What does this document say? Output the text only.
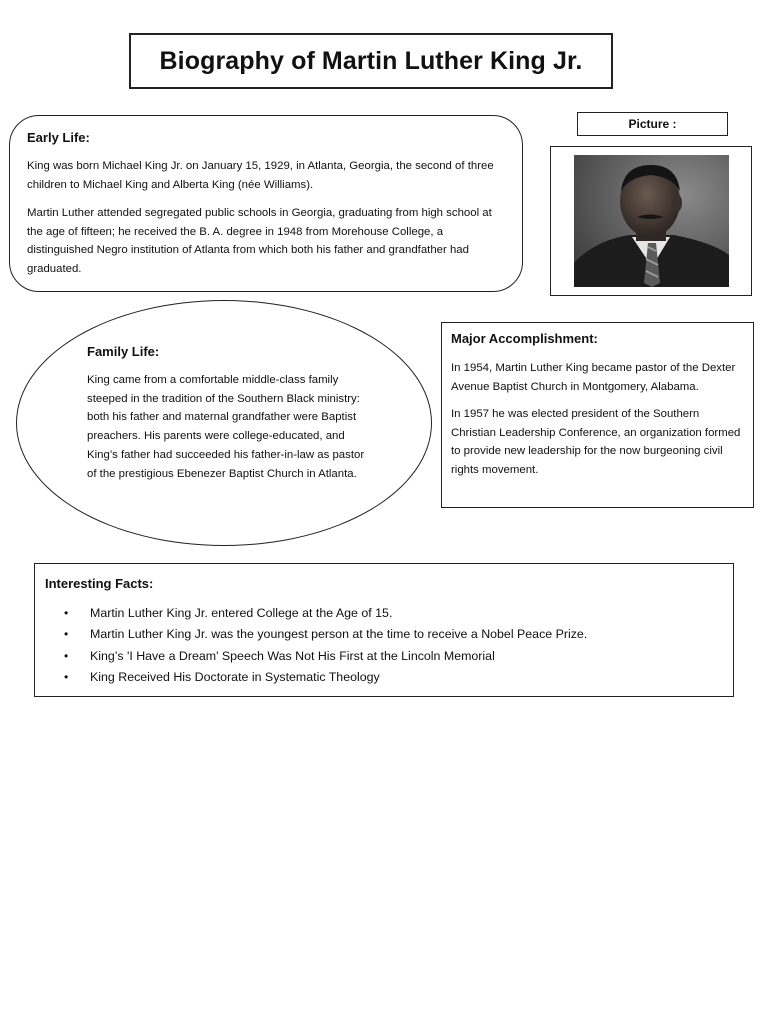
Biography of Martin Luther King Jr.
Early Life:

King was born Michael King Jr. on January 15, 1929, in Atlanta, Georgia, the second of three children to Michael King and Alberta King (née Williams).

Martin Luther attended segregated public schools in Georgia, graduating from high school at the age of fifteen; he received the B. A. degree in 1948 from Morehouse College, a distinguished Negro institution of Atlanta from which both his father and grandfather had graduated.

Picture :
Family Life:

King came from a comfortable middle-class family steeped in the tradition of the Southern Black ministry: both his father and maternal grandfather were Baptist preachers. His parents were college-educated, and King’s father had succeeded his father-in-law as pastor of the prestigious Ebenezer Baptist Church in Atlanta.

Major Accomplishment:

In 1954, Martin Luther King became pastor of the Dexter Avenue Baptist Church in Montgomery, Alabama.

In 1957 he was elected president of the Southern Christian Leadership Conference, an organization formed to provide new leadership for the now burgeoning civil rights movement.

Interesting Facts:
• Martin Luther King Jr. entered College at the Age of 15.
• Martin Luther King Jr. was the youngest person at the time to receive a Nobel Peace Prize.
• King’s 'I Have a Dream' Speech Was Not His First at the Lincoln Memorial
• King Received His Doctorate in Systematic Theology
